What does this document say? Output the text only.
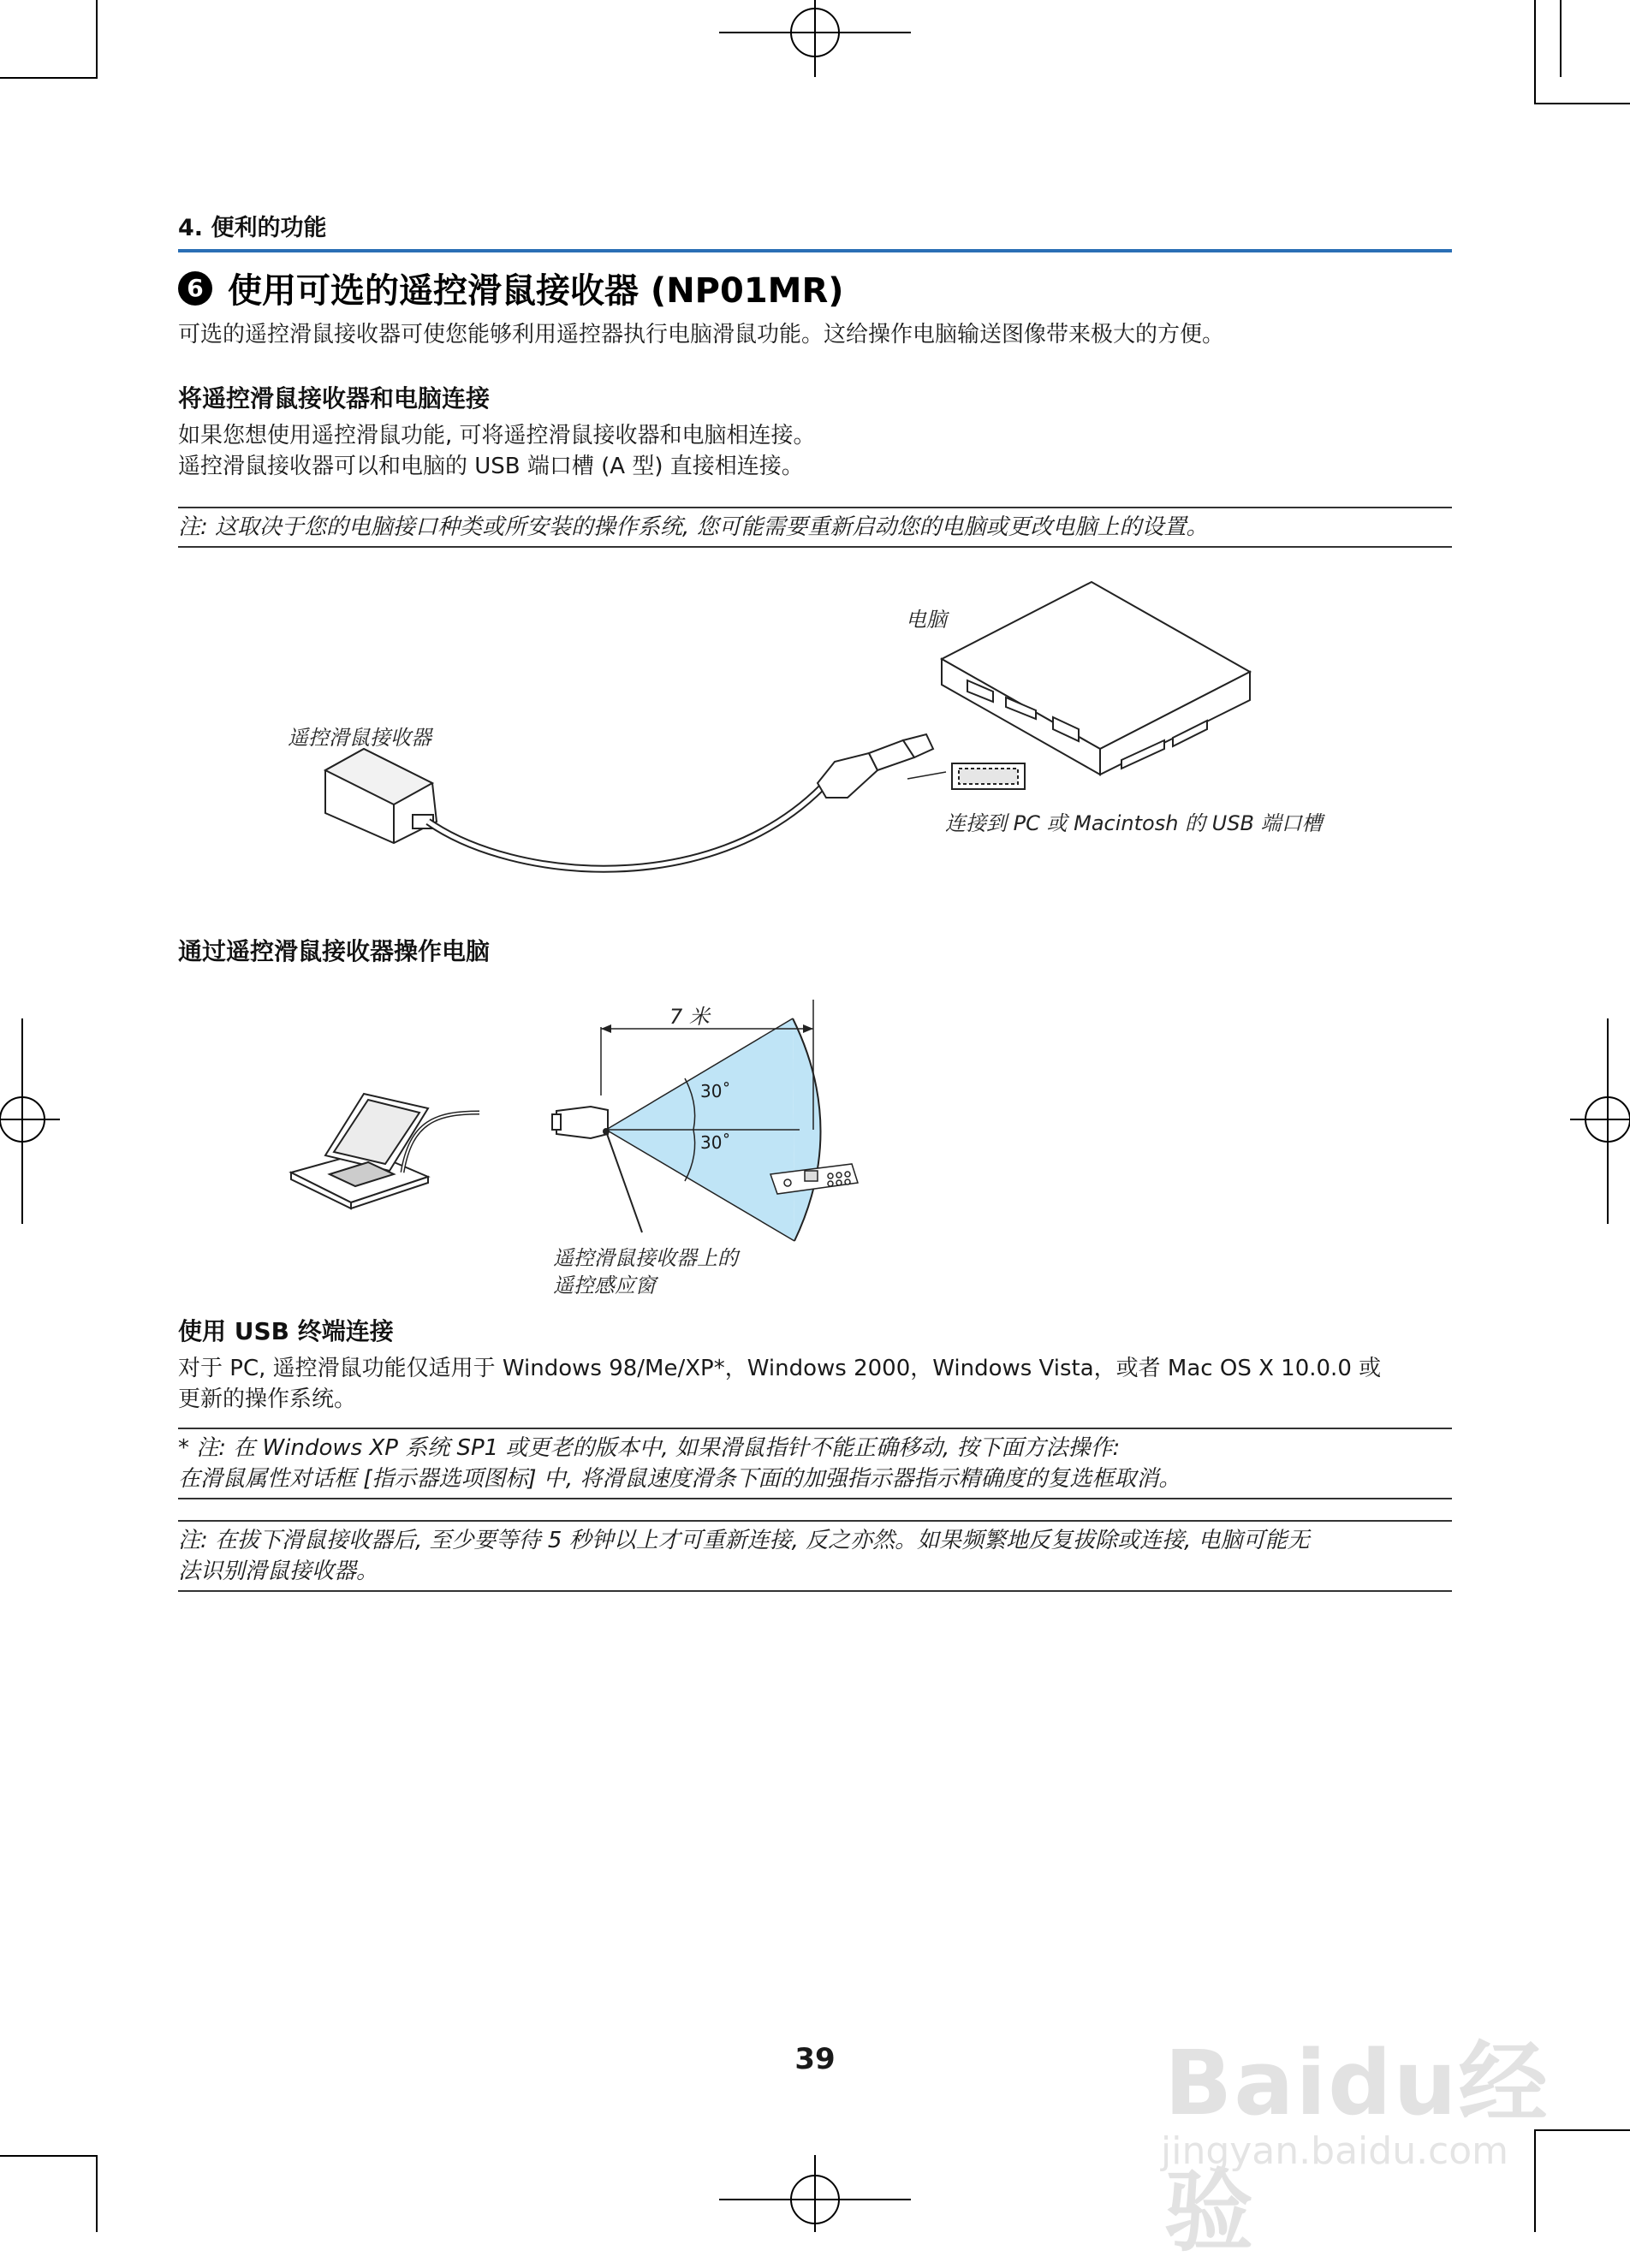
4. 便利的功能
6 使用可选的遥控滑鼠接收器 (NP01MR)
可选的遥控滑鼠接收器可使您能够利用遥控器执行电脑滑鼠功能。这给操作电脑输送图像带来极大的方便。
将遥控滑鼠接收器和电脑连接
如果您想使用遥控滑鼠功能, 可将遥控滑鼠接收器和电脑相连接。
遥控滑鼠接收器可以和电脑的 USB 端口槽 (A 型) 直接相连接。
注: 这取决于您的电脑接口种类或所安装的操作系统, 您可能需要重新启动您的电脑或更改电脑上的设置。
电脑
遥控滑鼠接收器
连接到 PC 或 Macintosh 的 USB 端口槽
通过遥控滑鼠接收器操作电脑
7 米
30˚
30˚
遥控滑鼠接收器上的
遥控感应窗
使用 USB 终端连接
对于 PC, 遥控滑鼠功能仅适用于 Windows 98/Me/XP*，Windows 2000，Windows Vista，或者 Mac OS X 10.0.0 或
更新的操作系统。
* 注: 在 Windows XP 系统 SP1 或更老的版本中, 如果滑鼠指针不能正确移动, 按下面方法操作:
在滑鼠属性对话框 [指示器选项图标] 中, 将滑鼠速度滑条下面的加强指示器指示精确度的复选框取消。
注: 在拔下滑鼠接收器后, 至少要等待 5 秒钟以上才可重新连接, 反之亦然。如果频繁地反复拔除或连接, 电脑可能无
法识别滑鼠接收器。
39	Baidu经验
jingyan.baidu.com
